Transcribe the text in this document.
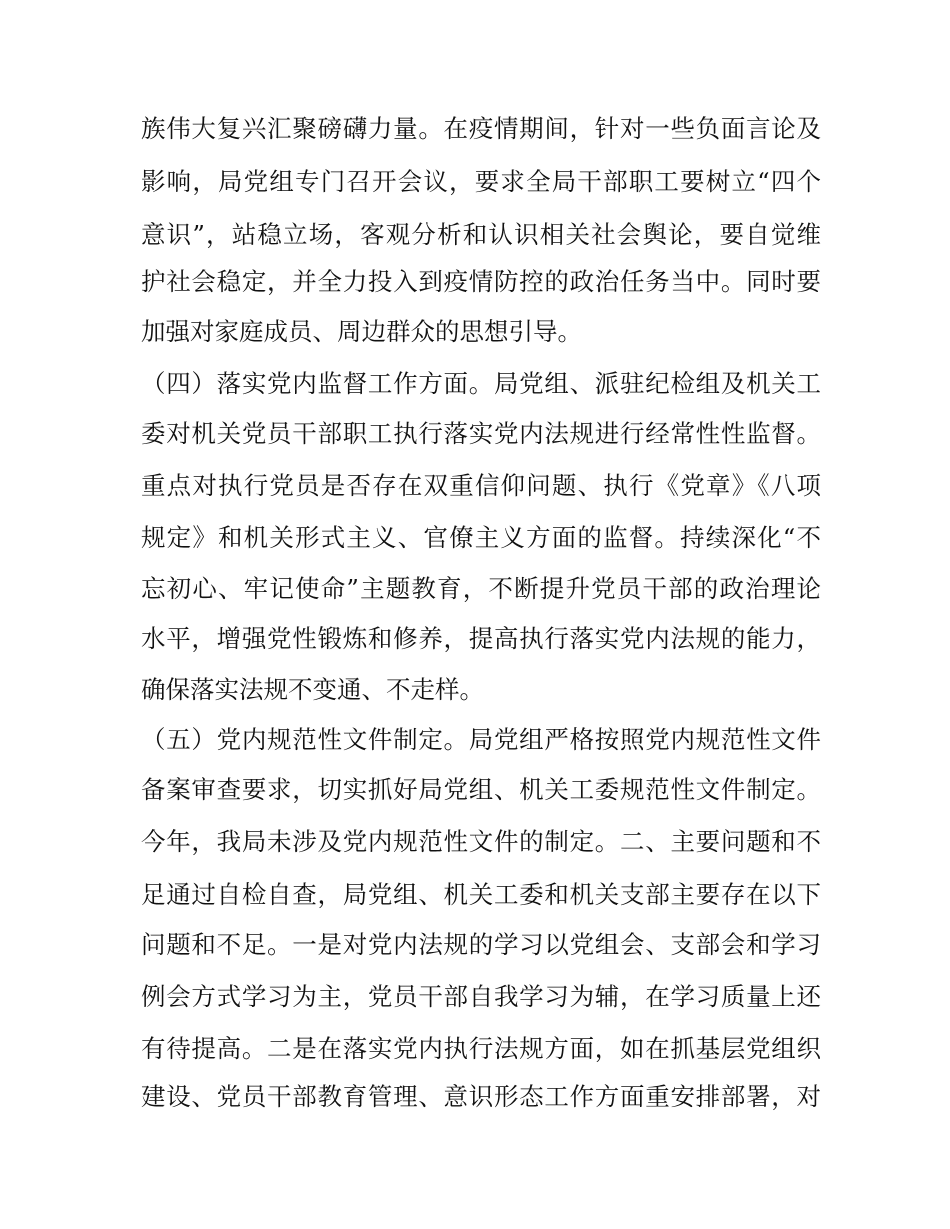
族伟大复兴汇聚磅礴力量。在疫情期间，针对一些负面言论及
影响，局党组专门召开会议，要求全局干部职工要树立“四个
意识”，站稳立场，客观分析和认识相关社会舆论，要自觉维
护社会稳定，并全力投入到疫情防控的政治任务当中。同时要
加强对家庭成员、周边群众的思想引导。
（四）落实党内监督工作方面。局党组、派驻纪检组及机关工
委对机关党员干部职工执行落实党内法规进行经常性性监督。
重点对执行党员是否存在双重信仰问题、执行《党章》《八项
规定》和机关形式主义、官僚主义方面的监督。持续深化“不
忘初心、牢记使命”主题教育，不断提升党员干部的政治理论
水平，增强党性锻炼和修养，提高执行落实党内法规的能力，
确保落实法规不变通、不走样。
（五）党内规范性文件制定。局党组严格按照党内规范性文件
备案审查要求，切实抓好局党组、机关工委规范性文件制定。
今年，我局未涉及党内规范性文件的制定。二、主要问题和不
足通过自检自查，局党组、机关工委和机关支部主要存在以下
问题和不足。一是对党内法规的学习以党组会、支部会和学习
例会方式学习为主，党员干部自我学习为辅，在学习质量上还
有待提高。二是在落实党内执行法规方面，如在抓基层党组织
建设、党员干部教育管理、意识形态工作方面重安排部署，对
